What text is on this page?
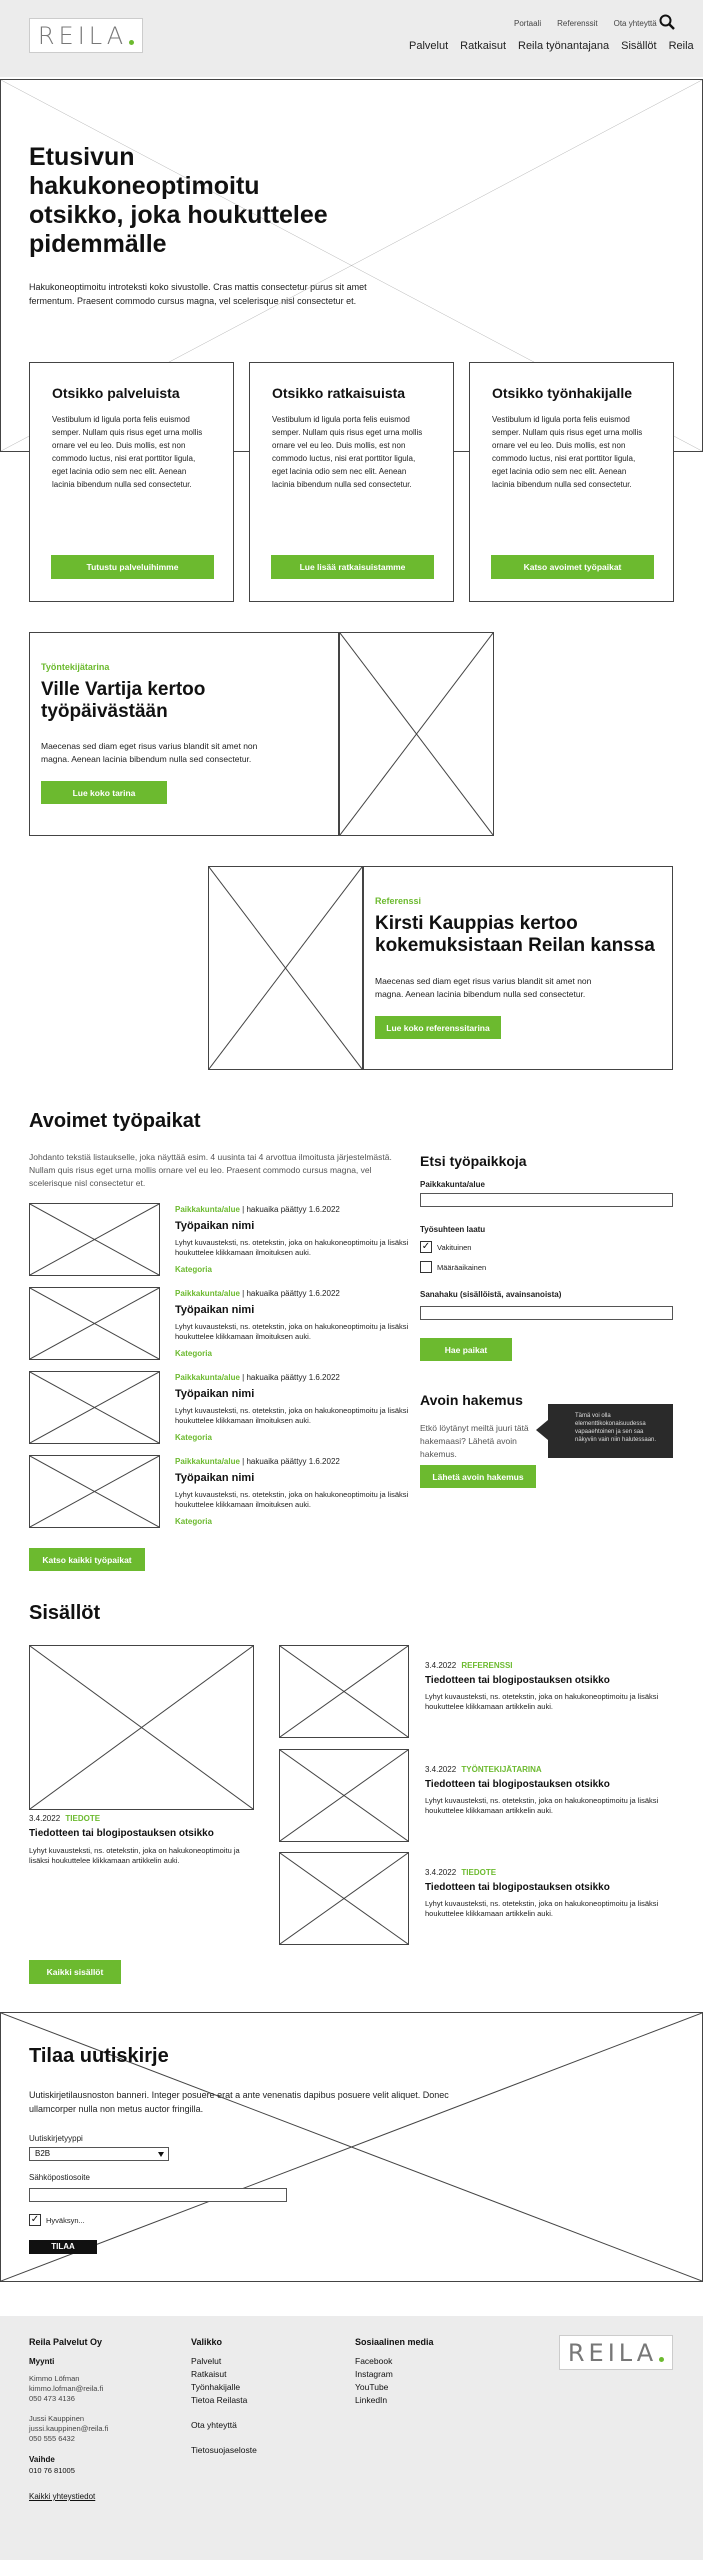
REILA	Portaali Referenssit Ota yhteyttä
Palvelut Ratkaisut Reila työnantajana Sisällöt Reila
Etusivun hakukoneoptimoitu otsikko, joka houkuttelee pidemmälle
Hakukoneoptimoitu introteksti koko sivustolle. Cras mattis consectetur purus sit amet fermentum. Praesent commodo cursus magna, vel scelerisque nisl consectetur et.
Otsikko palveluista
Vestibulum id ligula porta felis euismod semper. Nullam quis risus eget urna mollis ornare vel eu leo. Duis mollis, est non commodo luctus, nisi erat porttitor ligula, eget lacinia odio sem nec elit. Aenean lacinia bibendum nulla sed consectetur.
Tutustu palveluihimme
Otsikko ratkaisuista
Vestibulum id ligula porta felis euismod semper. Nullam quis risus eget urna mollis ornare vel eu leo. Duis mollis, est non commodo luctus, nisi erat porttitor ligula, eget lacinia odio sem nec elit. Aenean lacinia bibendum nulla sed consectetur.
Lue lisää ratkaisuistamme
Otsikko työnhakijalle
Vestibulum id ligula porta felis euismod semper. Nullam quis risus eget urna mollis ornare vel eu leo. Duis mollis, est non commodo luctus, nisi erat porttitor ligula, eget lacinia odio sem nec elit. Aenean lacinia bibendum nulla sed consectetur.
Katso avoimet työpaikat
Työntekijätarina
Ville Vartija kertoo työpäivästään
Maecenas sed diam eget risus varius blandit sit amet non magna. Aenean lacinia bibendum nulla sed consectetur.
Lue koko tarina
Referenssi
Kirsti Kauppias kertoo kokemuksistaan Reilan kanssa
Maecenas sed diam eget risus varius blandit sit amet non magna. Aenean lacinia bibendum nulla sed consectetur.
Lue koko referenssitarina
Avoimet työpaikat
Johdanto tekstiä listaukselle, joka näyttää esim. 4 uusinta tai 4 arvottua ilmoitusta järjestelmästä. Nullam quis risus eget urna mollis ornare vel eu leo. Praesent commodo cursus magna, vel scelerisque nisl consectetur et.
Paikkakunta/alue | hakuaika päättyy 1.6.2022
Työpaikan nimi
Lyhyt kuvausteksti, ns. otetekstin, joka on hakukoneoptimoitu ja lisäksi houkuttelee klikkamaan ilmoituksen auki.
Kategoria
Paikkakunta/alue | hakuaika päättyy 1.6.2022
Työpaikan nimi
Lyhyt kuvausteksti, ns. otetekstin, joka on hakukoneoptimoitu ja lisäksi houkuttelee klikkamaan ilmoituksen auki.
Kategoria
Paikkakunta/alue | hakuaika päättyy 1.6.2022
Työpaikan nimi
Lyhyt kuvausteksti, ns. otetekstin, joka on hakukoneoptimoitu ja lisäksi houkuttelee klikkamaan ilmoituksen auki.
Kategoria
Paikkakunta/alue | hakuaika päättyy 1.6.2022
Työpaikan nimi
Lyhyt kuvausteksti, ns. otetekstin, joka on hakukoneoptimoitu ja lisäksi houkuttelee klikkamaan ilmoituksen auki.
Kategoria
Katso kaikki työpaikat
Etsi työpaikkoja
Paikkakunta/alue
Työsuhteen laatu
✓ Vakituinen
Määräaikainen
Sanahaku (sisällöistä, avainsanoista)
Hae paikat
Avoin hakemus
Etkö löytänyt meiltä juuri tätä hakemaasi? Lähetä avoin hakemus.
Tämä voi olla elementtikokonaisuudessa vapaaehtoinen ja sen saa näkyviin vain niin halutessaan.
Lähetä avoin hakemus
Sisällöt
3.4.2022 TIEDOTE
Tiedotteen tai blogipostauksen otsikko
Lyhyt kuvausteksti, ns. otetekstin, joka on hakukoneoptimoitu ja lisäksi houkuttelee klikkamaan artikkelin auki.
3.4.2022 REFERENSSI
Tiedotteen tai blogipostauksen otsikko
Lyhyt kuvausteksti, ns. otetekstin, joka on hakukoneoptimoitu ja lisäksi houkuttelee klikkamaan artikkelin auki.
3.4.2022 TYÖNTEKIJÄTARINA
Tiedotteen tai blogipostauksen otsikko
Lyhyt kuvausteksti, ns. otetekstin, joka on hakukoneoptimoitu ja lisäksi houkuttelee klikkamaan artikkelin auki.
3.4.2022 TIEDOTE
Tiedotteen tai blogipostauksen otsikko
Lyhyt kuvausteksti, ns. otetekstin, joka on hakukoneoptimoitu ja lisäksi houkuttelee klikkamaan artikkelin auki.
Kaikki sisällöt
Tilaa uutiskirje
Uutiskirjetilausnoston banneri. Integer posuere erat a ante venenatis dapibus posuere velit aliquet. Donec ullamcorper nulla non metus auctor fringilla.
Uutiskirjetyyppi
B2B
Sähköpostiosoite
✓ Hyväksyn...
TILAA
Reila Palvelut Oy
Myynti
Kimmo Löfman
kimmo.lofman@reila.fi
050 473 4136
Jussi Kauppinen
jussi.kauppinen@reila.fi
050 555 6432
Vaihde
010 76 81005
Kaikki yhteystiedot
Valikko
Palvelut
Ratkaisut
Työnhakijalle
Tietoa Reilasta
Ota yhteyttä
Tietosuojaseloste
Sosiaalinen media
Facebook
Instagram
YouTube
LinkedIn
REILA
